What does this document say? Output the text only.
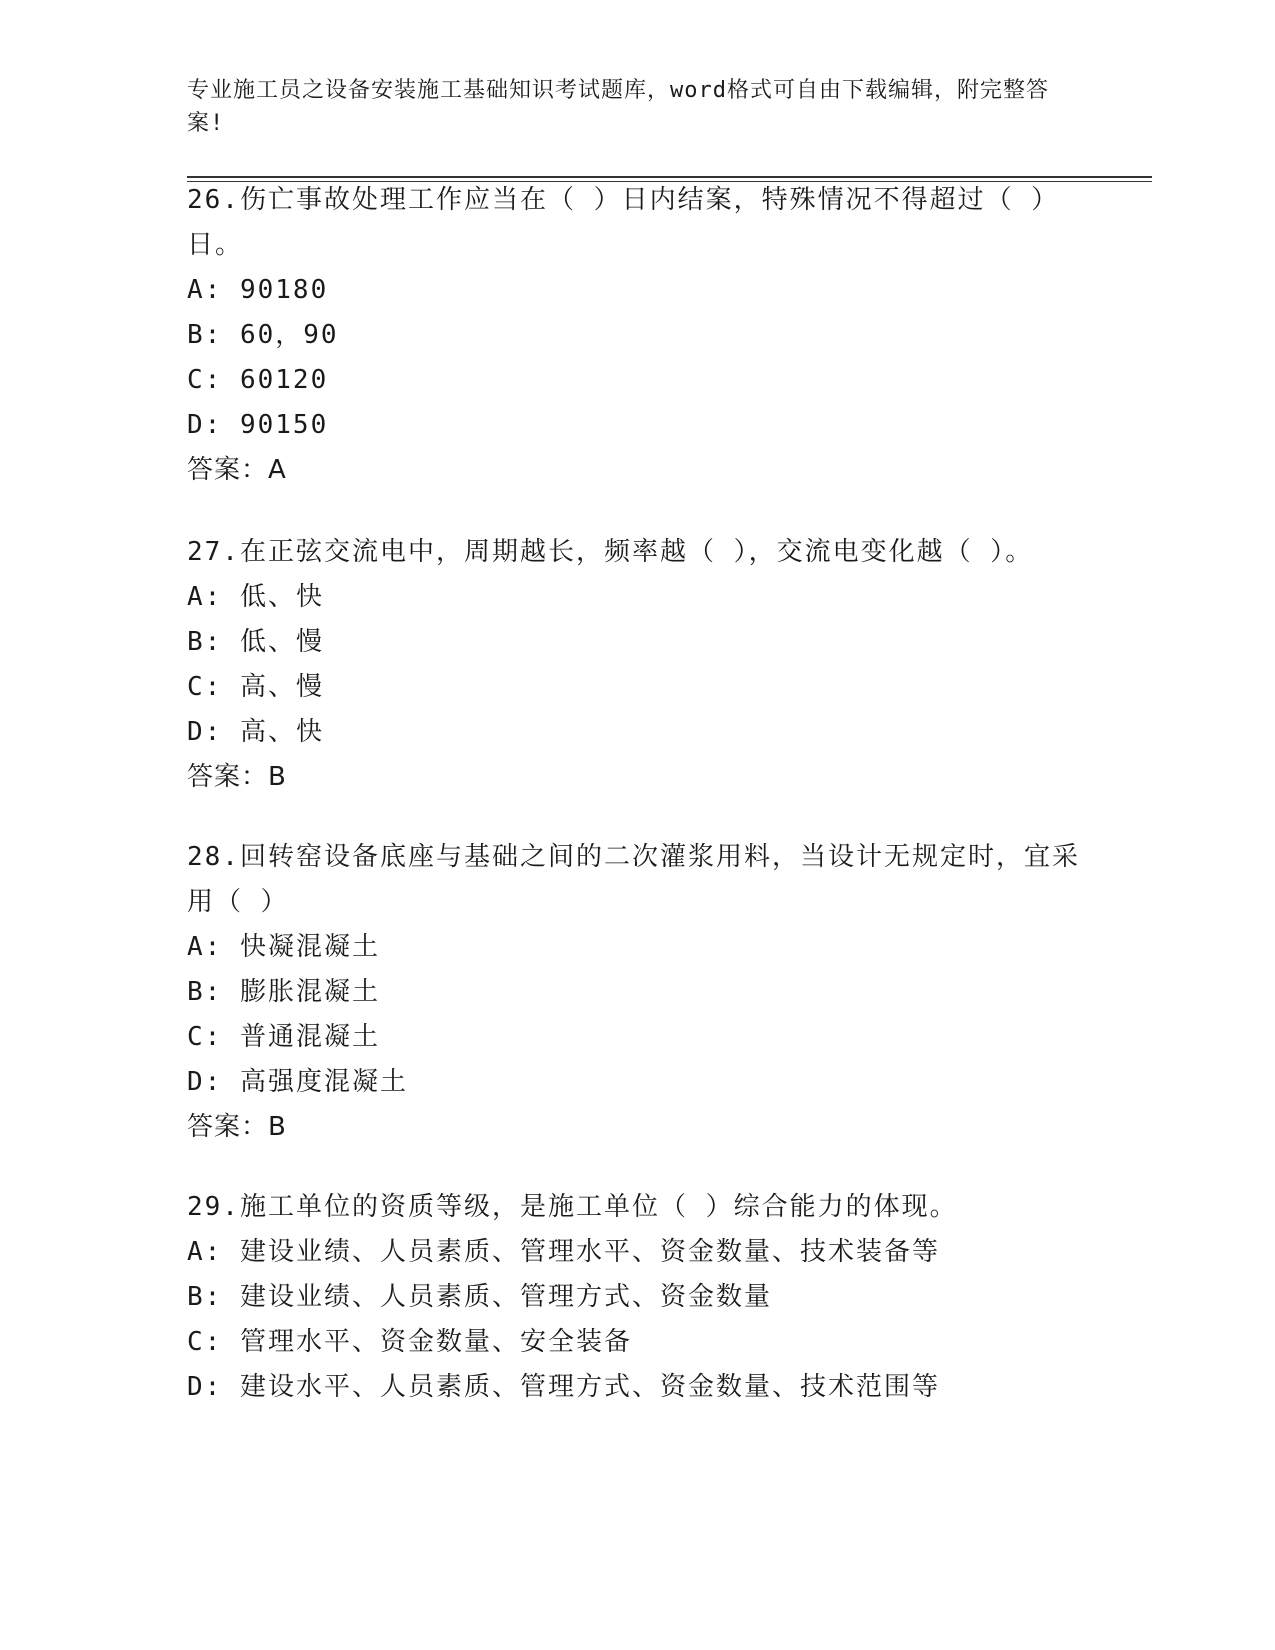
专业施工员之设备安装施工基础知识考试题库，word格式可自由下载编辑，附完整答案!
26.伤亡事故处理工作应当在（ ）日内结案，特殊情况不得超过（ ）日。
A: 90180
B: 60，90
C: 60120
D: 90150
答案：A
27.在正弦交流电中，周期越长，频率越（ ），交流电变化越（ ）。
A: 低、快
B: 低、慢
C: 高、慢
D: 高、快
答案：B
28.回转窑设备底座与基础之间的二次灌浆用料，当设计无规定时，宜采用（ ）
A: 快凝混凝土
B: 膨胀混凝土
C: 普通混凝土
D: 高强度混凝土
答案：B
29.施工单位的资质等级，是施工单位（ ）综合能力的体现。
A: 建设业绩、人员素质、管理水平、资金数量、技术装备等
B: 建设业绩、人员素质、管理方式、资金数量
C: 管理水平、资金数量、安全装备
D: 建设水平、人员素质、管理方式、资金数量、技术范围等
